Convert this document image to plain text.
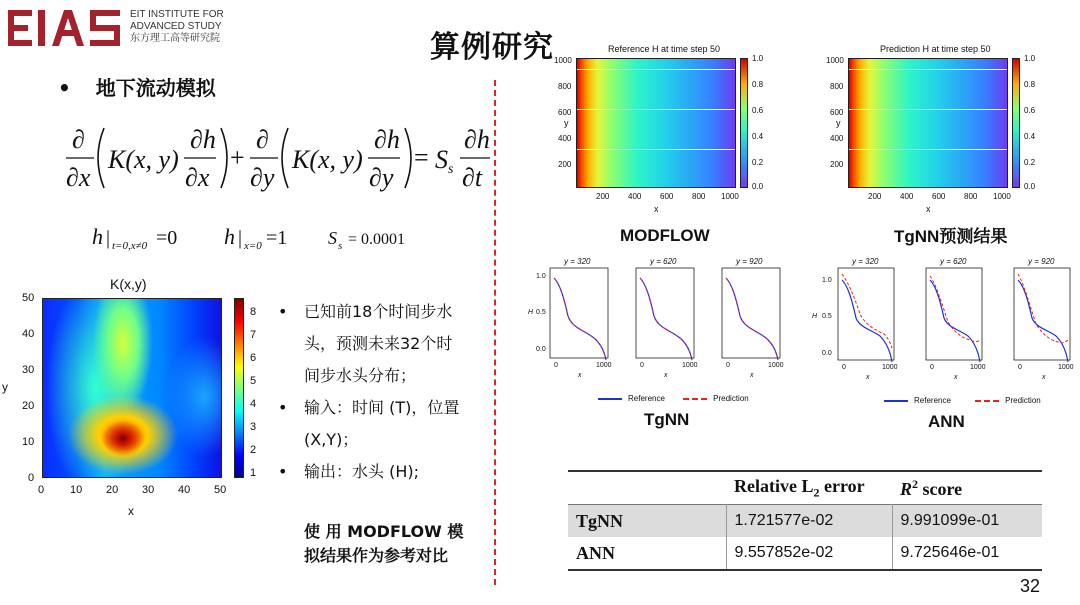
EIT INSTITUTE FOR
ADVANCED STUDY
东方理工高等研究院	算例研究
• 地下流动模拟
∂
∂x
K(x, y)
∂h
∂x
+
∂
∂y
K(x, y)
∂h
∂y
= Ss
∂h
∂t
h | t=0,x≠0 =0 h | x=0 =1 S s = 0.0001
K(x,y)
50
40
30
20
10
0
y
0 10 20 30 40 50
x
8
7
6
5
4
3
2
1
• 已知前18个时间步水
头，预测未来32个时
间步水头分布；
• 输入：时间 (T)，位置
(X,Y)；
• 输出：水头 (H);
使 用 MODFLOW 模
拟结果作为参考对比
Reference H at time step 50
1.0
0.8
0.6
0.4
0.2
0.0
1000
800
600
400
200
y
200 400 600 800 1000
x
MODFLOW
Prediction H at time step 50
1.0
0.8
0.6
0.4
0.2
0.0
1000
800
600
400
200
y
200 400 600 800 1000
x
TgNN预测结果
y = 320	y = 620	y = 920
1.0
0.5
0.0
H
0	1000	0	1000	0	1000
x	x	x
Reference	Prediction
TgNN
y = 320	y = 620	y = 920
1.0
0.5
0.0
H
0	1000	0	1000	0	1000
x	x	x
Reference	Prediction
ANN
	Relative $L_2$ error	$R^2$ score
TgNN	1.721577e-02	9.991099e-01
ANN	9.557852e-02	9.725646e-01
32
